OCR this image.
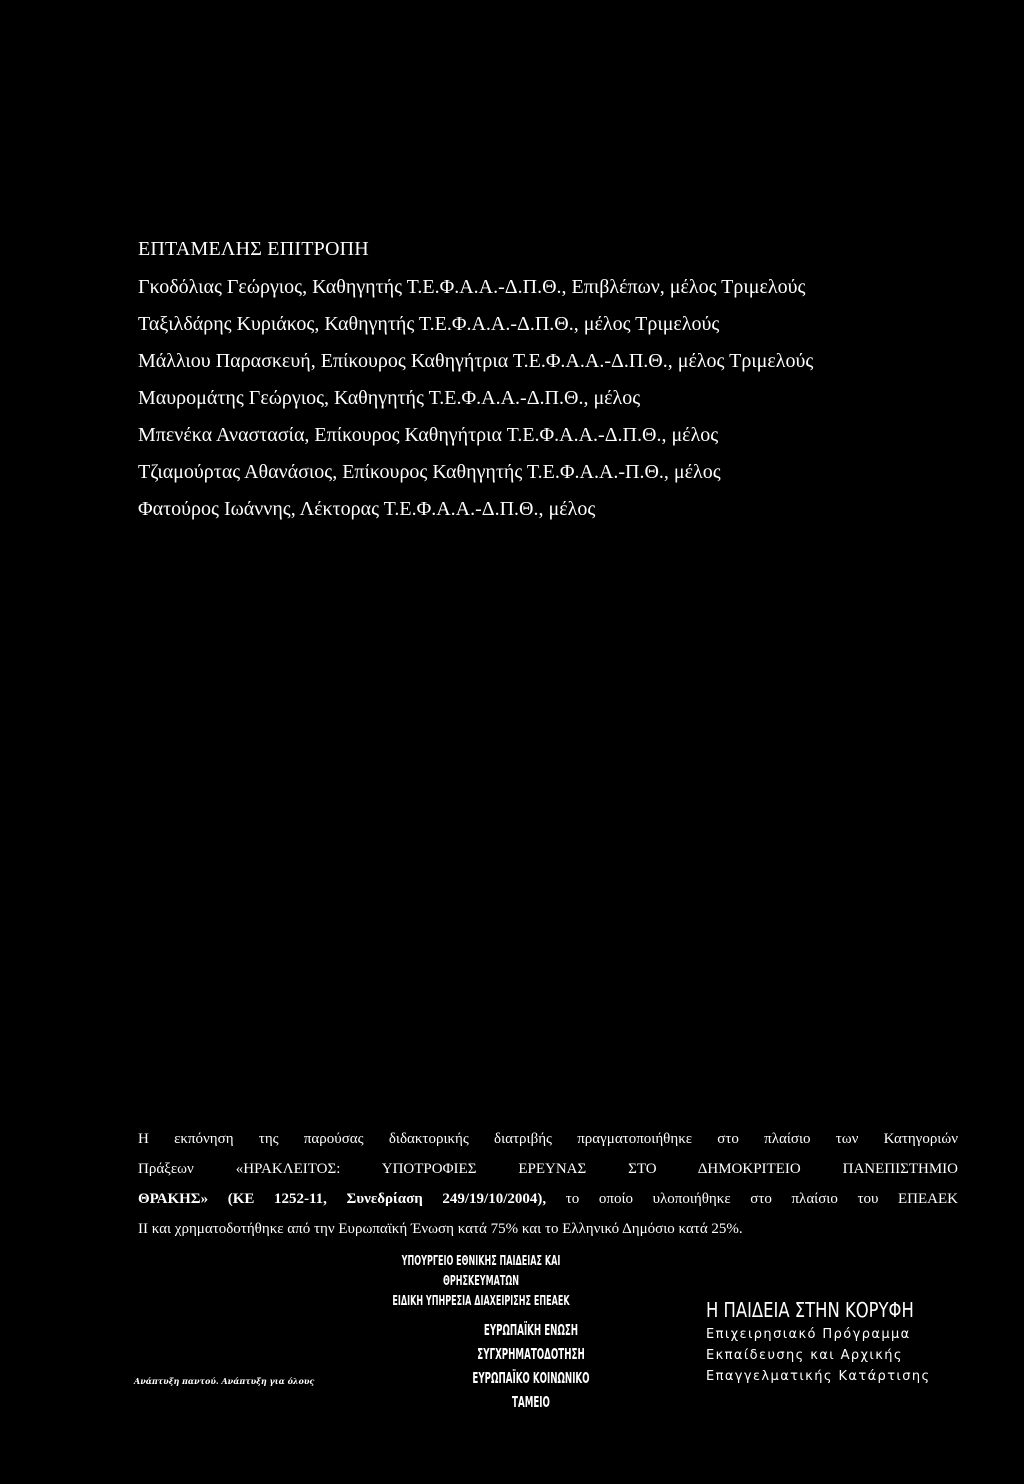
ΕΠΤΑΜΕΛΗΣ ΕΠΙΤΡΟΠΗ
Γκοδόλιας Γεώργιος, Καθηγητής Τ.Ε.Φ.Α.Α.-Δ.Π.Θ., Επιβλέπων, μέλος Τριμελούς
Ταξιλδάρης Κυριάκος, Καθηγητής Τ.Ε.Φ.Α.Α.-Δ.Π.Θ., μέλος Τριμελούς
Μάλλιου Παρασκευή, Επίκουρος Καθηγήτρια Τ.Ε.Φ.Α.Α.-Δ.Π.Θ., μέλος Τριμελούς
Μαυρομάτης Γεώργιος, Καθηγητής Τ.Ε.Φ.Α.Α.-Δ.Π.Θ., μέλος
Μπενέκα Αναστασία, Επίκουρος Καθηγήτρια Τ.Ε.Φ.Α.Α.-Δ.Π.Θ., μέλος
Τζιαμούρτας Αθανάσιος, Επίκουρος Καθηγητής Τ.Ε.Φ.Α.Α.-Π.Θ., μέλος
Φατούρος Ιωάννης, Λέκτορας Τ.Ε.Φ.Α.Α.-Δ.Π.Θ., μέλος
Η εκπόνηση της παρούσας διδακτορικής διατριβής πραγματοποιήθηκε στο πλαίσιο των Κατηγοριών
Πράξεων «ΗΡΑΚΛΕΙΤΟΣ: ΥΠΟΤΡΟΦΙΕΣ ΕΡΕΥΝΑΣ ΣΤΟ ΔΗΜΟΚΡΙΤΕΙΟ ΠΑΝΕΠΙΣΤΗΜΙΟ
ΘΡΑΚΗΣ» (ΚΕ 1252-11, Συνεδρίαση 249/19/10/2004), το οποίο υλοποιήθηκε στο πλαίσιο του ΕΠΕΑΕΚ
ΙΙ και χρηματοδοτήθηκε από την Ευρωπαϊκή Ένωση κατά 75% και το Ελληνικό Δημόσιο κατά 25%.
ΥΠΟΥΡΓΕΙΟ ΕΘΝΙΚΗΣ ΠΑΙΔΕΙΑΣ ΚΑΙ ΘΡΗΣΚΕΥΜΑΤΩΝ
ΕΙΔΙΚΗ ΥΠΗΡΕΣΙΑ ΔΙΑΧΕΙΡΙΣΗΣ ΕΠΕΑΕΚ
ΕΥΡΩΠΑΪΚΗ ΕΝΩΣΗ
ΣΥΓΧΡΗΜΑΤΟΔΟΤΗΣΗ
ΕΥΡΩΠΑΪΚΟ ΚΟΙΝΩΝΙΚΟ ΤΑΜΕΙΟ
Ανάπτυξη παντού. Ανάπτυξη για όλους
Η ΠΑΙΔΕΙΑ ΣΤΗΝ ΚΟΡΥΦΗ
Επιχειρησιακό Πρόγραμμα
Εκπαίδευσης και Αρχικής
Επαγγελματικής Κατάρτισης
